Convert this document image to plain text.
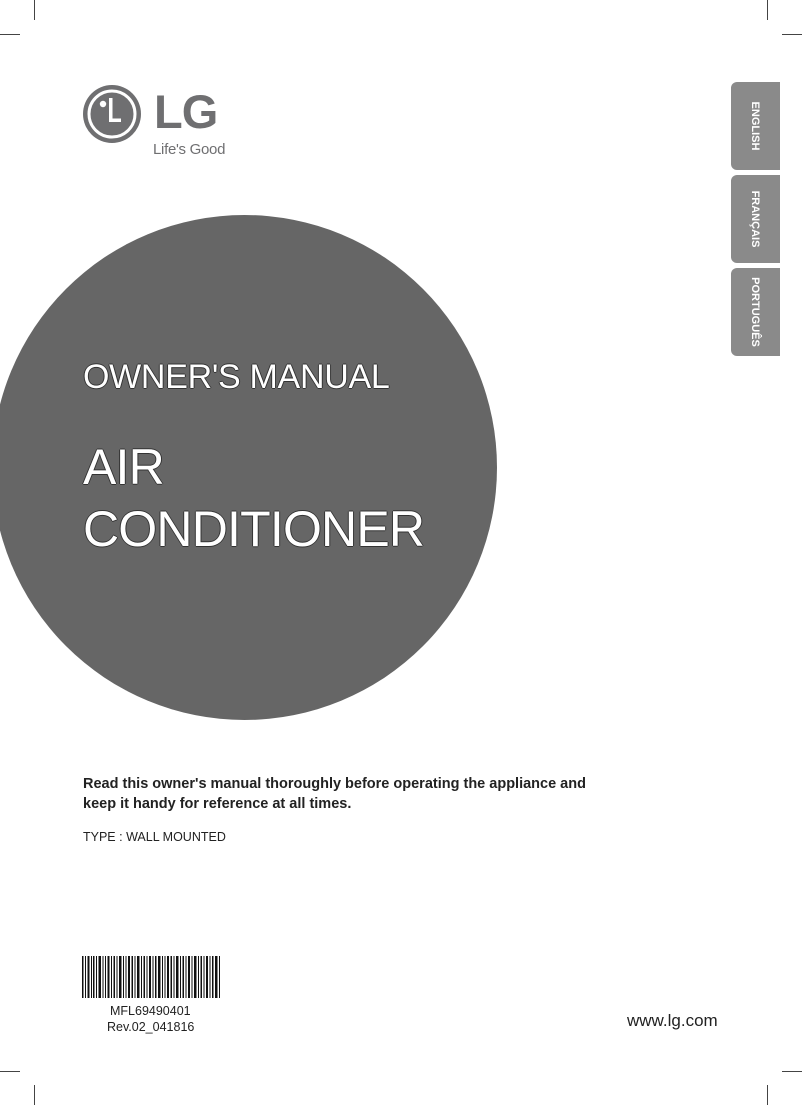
LG
Life's Good
OWNER'S MANUAL
AIR
CONDITIONER
ENGLISH
FRANÇAIS
PORTUGUÊS
Read this owner's manual thoroughly before operating the appliance and
keep it handy for reference at all times.
TYPE : WALL MOUNTED
MFL69490401
Rev.02_041816	www.lg.com
